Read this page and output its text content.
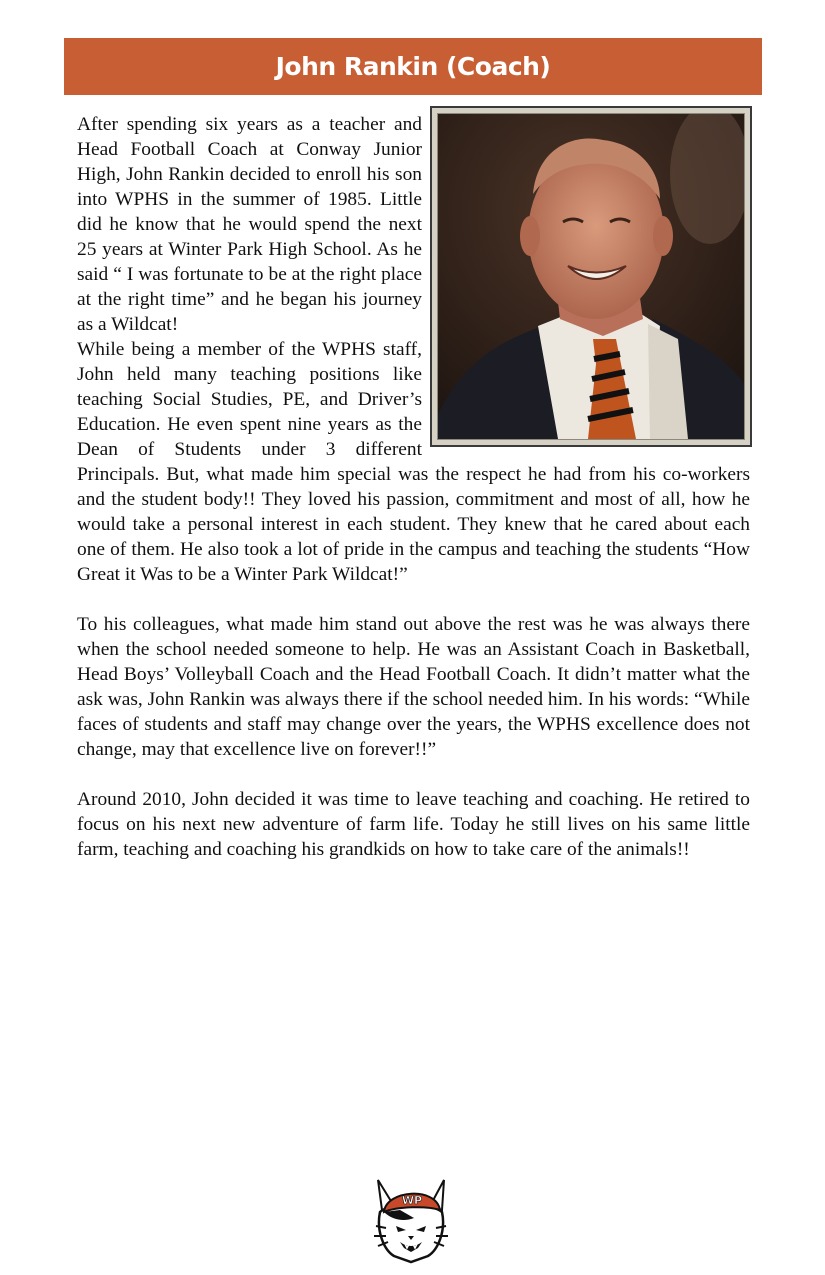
John Rankin (Coach)

After spending six years as a teacher and Head Football Coach at Conway Junior High, John Rankin decided to enroll his son into WPHS in the summer of 1985. Little did he know that he would spend the next 25 years at Winter Park High School. As he said “ I was fortunate to be at the right place at the right time” and he began his journey as a Wildcat!

While being a member of the WPHS staff, John held many teaching positions like teaching Social Studies, PE, and Driver’s Education. He even spent nine years as the Dean of Students under 3 different Principals. But, what made him special was the respect he had from his co-workers and the student body!! They loved his passion, commitment and most of all, how he would take a personal interest in each student. They knew that he cared about each one of them. He also took a lot of pride in the campus and teaching the students “How Great it Was to be a Winter Park Wildcat!”

To his colleagues, what made him stand out above the rest was he was always there when the school needed someone to help. He was an Assistant Coach in Basketball, Head Boys’ Volleyball Coach and the Head Football Coach. It didn’t matter what the ask was, John Rankin was always there if the school needed him. In his words: “While faces of students and staff may change over the years, the WPHS excellence does not change, may that excellence live on forever!!”

Around 2010, John decided it was time to leave teaching and coaching. He retired to focus on his next new adventure of farm life. Today he still lives on his same little farm, teaching and coaching his grandkids on how to take care of the animals!!

WP
